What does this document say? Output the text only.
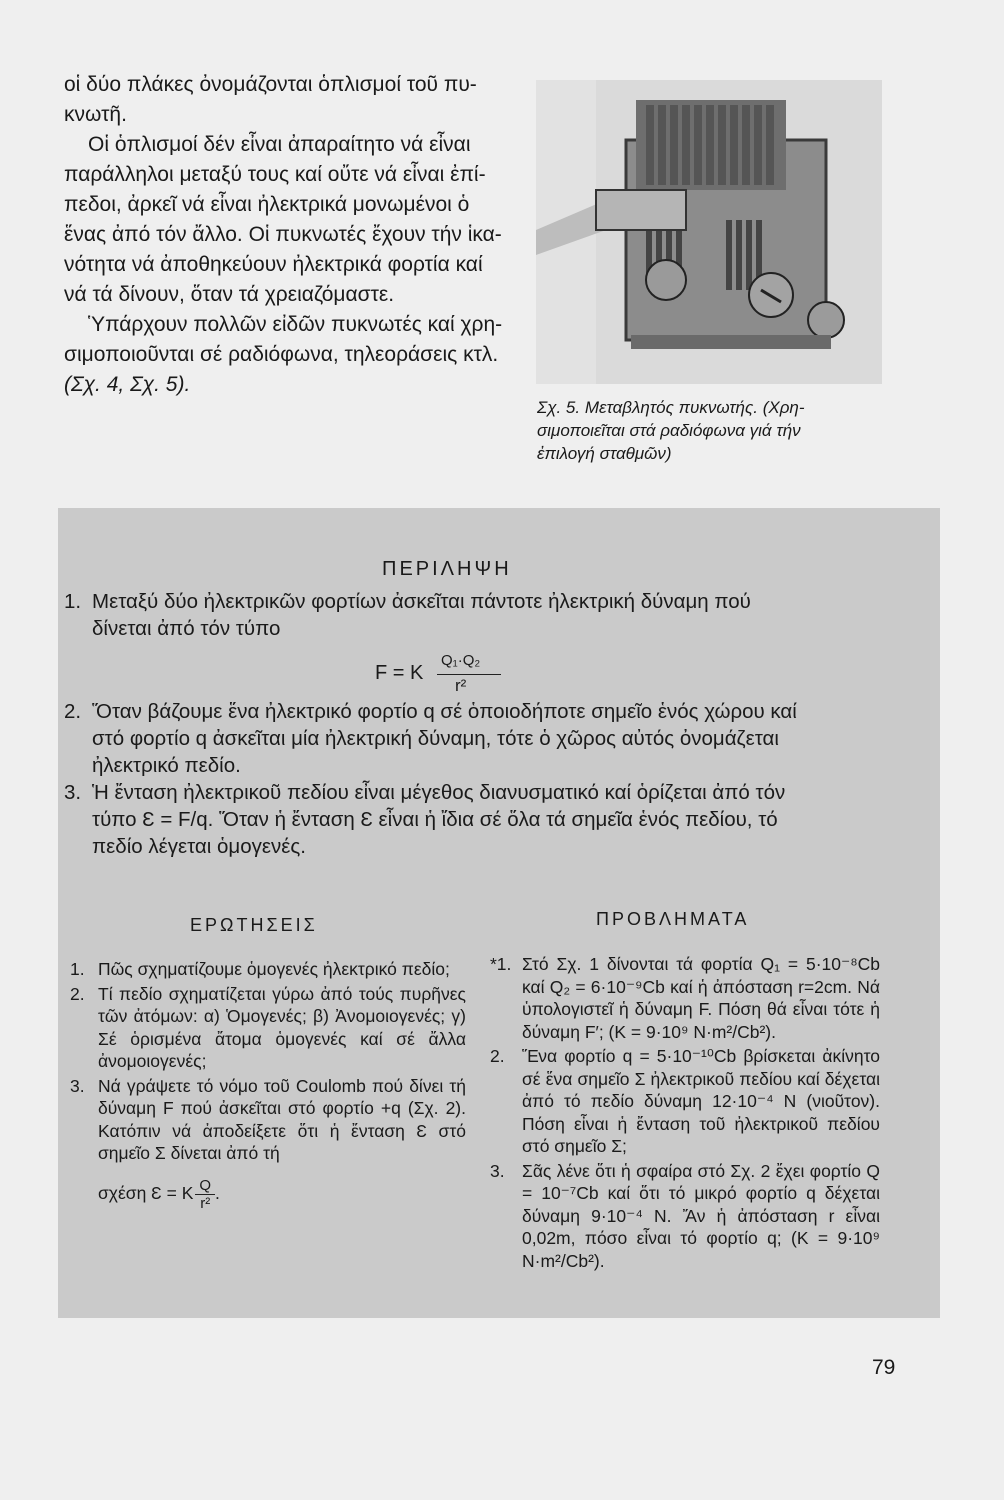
οἱ δύο πλάκες ὀνομάζονται ὁπλισμοί τοῦ πυ-

κνωτῆ.

Οἱ ὁπλισμοί δέν εἶναι ἀπαραίτητο νά εἶναι

παράλληλοι μεταξύ τους καί οὔτε νά εἶναι ἐπί-

πεδοι, ἀρκεῖ νά εἶναι ἠλεκτρικά μονωμένοι ὁ

ἕνας ἀπό τόν ἄλλο. Οἱ πυκνωτές ἔχουν τήν ἱκα-

νότητα νά ἀποθηκεύουν ἠλεκτρικά φορτία καί

νά τά δίνουν, ὅταν τά χρειαζόμαστε.

Ὑπάρχουν πολλῶν εἰδῶν πυκνωτές καί χρη-

σιμοποιοῦνται σέ ραδιόφωνα, τηλεοράσεις κτλ.

(Σχ. 4, Σχ. 5).

Σχ. 5. Μεταβλητός πυκνωτής. (Χρη-
σιμοποιεῖται στά ραδιόφωνα γιά τήν
ἐπιλογή σταθμῶν)
ΠΕΡΙΛΗΨΗ
1. Μεταξύ δύο ἠλεκτρικῶν φορτίων ἀσκεῖται πάντοτε ἠλεκτρική δύναμη πού
δίνεται ἀπό τόν τύπο
2. Ὅταν βάζουμε ἕνα ἠλεκτρικό φορτίο q σέ ὁποιοδήποτε σημεῖο ἑνός χώρου καί
στό φορτίο q ἀσκεῖται μία ἠλεκτρική δύναμη, τότε ὁ χῶρος αὐτός ὀνομάζεται
ἠλεκτρικό πεδίο.
3. Ἡ ἔνταση ἠλεκτρικοῦ πεδίου εἶναι μέγεθος διανυσματικό καί ὁρίζεται ἀπό τόν
τύπο Ɛ = F/q. Ὅταν ἡ ἔνταση Ɛ εἶναι ἡ ἴδια σέ ὅλα τά σημεῖα ἑνός πεδίου, τό
πεδίο λέγεται ὁμογενές.
F = K
Q₁·Q₂
r²
ΕΡΩΤΗΣΕΙΣ	ΠΡΟΒΛΗΜΑΤΑ
1. Πῶς σχηματίζουμε ὁμογενές ἠλεκτρικό πεδίο;
2. Τί πεδίο σχηματίζεται γύρω ἀπό τούς πυρῆνες τῶν ἀτόμων: α) Ὁμογενές; β) Ἀνομοιογενές; γ) Σέ ὁρισμένα ἄτομα ὁμογενές καί σέ ἄλλα ἀνομοιογενές;
3. Νά γράψετε τό νόμο τοῦ Coulomb πού δίνει τή δύναμη F πού ἀσκεῖται στό φορτίο +q (Σχ. 2). Κατόπιν νά ἀποδείξετε ὅτι ἡ ἔνταση Ɛ στό σημεῖο Σ δίνεται ἀπό τή
σχέση Ɛ = K $\frac{Q}{\text{r²}}$ .
*1. Στό Σχ. 1 δίνονται τά φορτία Q₁ = 5·10⁻⁸Cb καί Q₂ = 6·10⁻⁹Cb καί ἡ ἀπόσταση r=2cm. Νά ὑπολογιστεῖ ἡ δύναμη F. Πόση θά εἶναι τότε ἡ δύναμη F′; (K = 9·10⁹ N·m²/Cb²).
2. Ἕνα φορτίο q = 5·10⁻¹⁰Cb βρίσκεται ἀκίνητο σέ ἕνα σημεῖο Σ ἠλεκτρικοῦ πεδίου καί δέχεται ἀπό τό πεδίο δύναμη 12·10⁻⁴ N (νιοῦτον). Πόση εἶναι ἡ ἔνταση τοῦ ἠλεκτρικοῦ πεδίου στό σημεῖο Σ;
3. Σᾶς λένε ὅτι ἡ σφαίρα στό Σχ. 2 ἔχει φορτίο Q = 10⁻⁷Cb καί ὅτι τό μικρό φορτίο q δέχεται δύναμη 9·10⁻⁴ N. Ἄν ἡ ἀπόσταση r εἶναι 0,02m, πόσο εἶναι τό φορτίο q; (K = 9·10⁹ N·m²/Cb²).
79
